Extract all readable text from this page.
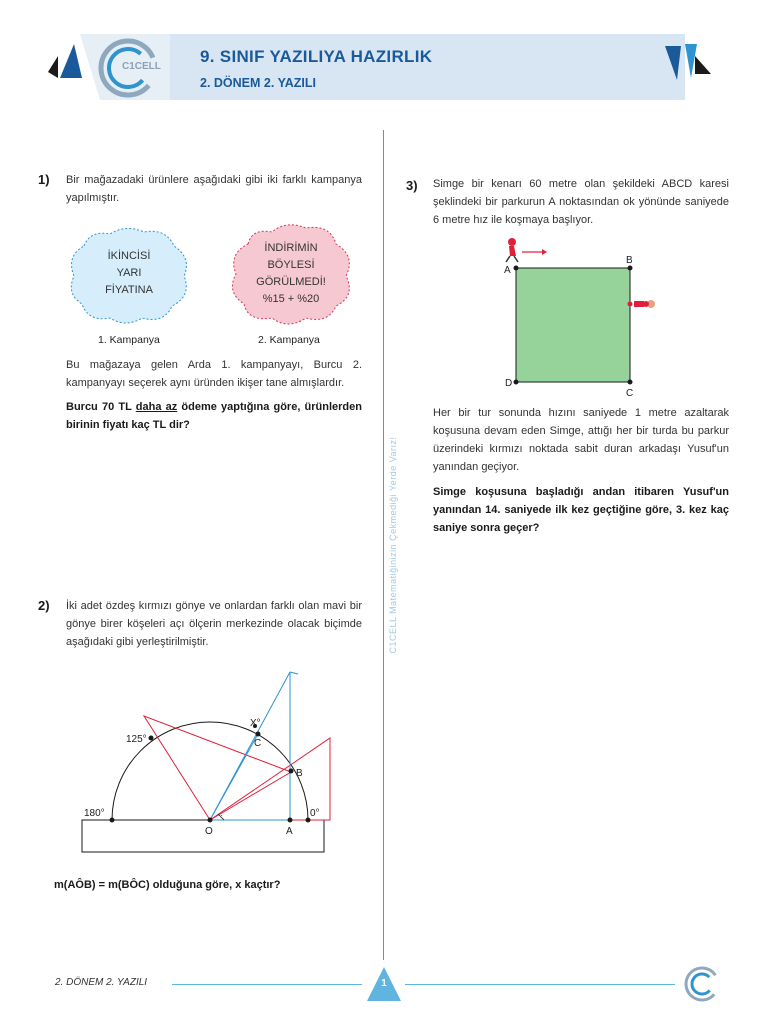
C1CELL
9. SINIF YAZILIYA HAZIRLIK
2. DÖNEM 2. YAZILI
C1CELL Matematiğinizin Çekmediği Yerde Varız!
1) Bir mağazadaki ürünlere aşağıdaki gibi iki farklı kampanya yapılmıştır.
İKİNCİSİ
YARI
FİYATINA
İNDİRİMİN
BÖYLESİ
GÖRÜLMEDİ!
%15 + %20
1. Kampanya	2. Kampanya
Bu mağazaya gelen Arda 1. kampanyayı, Burcu 2. kampanyayı seçerek aynı üründen ikişer tane almışlardır.
Burcu 70 TL daha az ödeme yaptığına göre, ürünlerden birinin fiyatı kaç TL dir?
2) İki adet özdeş kırmızı gönye ve onlardan farklı olan mavi bir gönye birer köşeleri açı ölçerin merkezinde olacak biçimde aşağıdaki gibi yerleştirilmiştir.
·
180°
125°
X°
C
B
O	A
0°
m(AÔB) = m(BÔC) olduğuna göre, x kaçtır?
3) Simge bir kenarı 60 metre olan şekildeki ABCD karesi şeklindeki bir parkurun A noktasından ok yönünde saniyede 6 metre hız ile koşmaya başlıyor.
A
B
C
D
Her bir tur sonunda hızını saniyede 1 metre azaltarak koşusuna devam eden Simge, attığı her bir turda bu parkur üzerindeki kırmızı noktada sabit duran arkadaşı Yusuf'un yanından geçiyor.
Simge koşusuna başladığı andan itibaren Yusuf'un yanından 14. saniyede ilk kez geçtiğine göre, 3. kez kaç saniye sonra geçer?
2. DÖNEM 2. YAZILI	1
